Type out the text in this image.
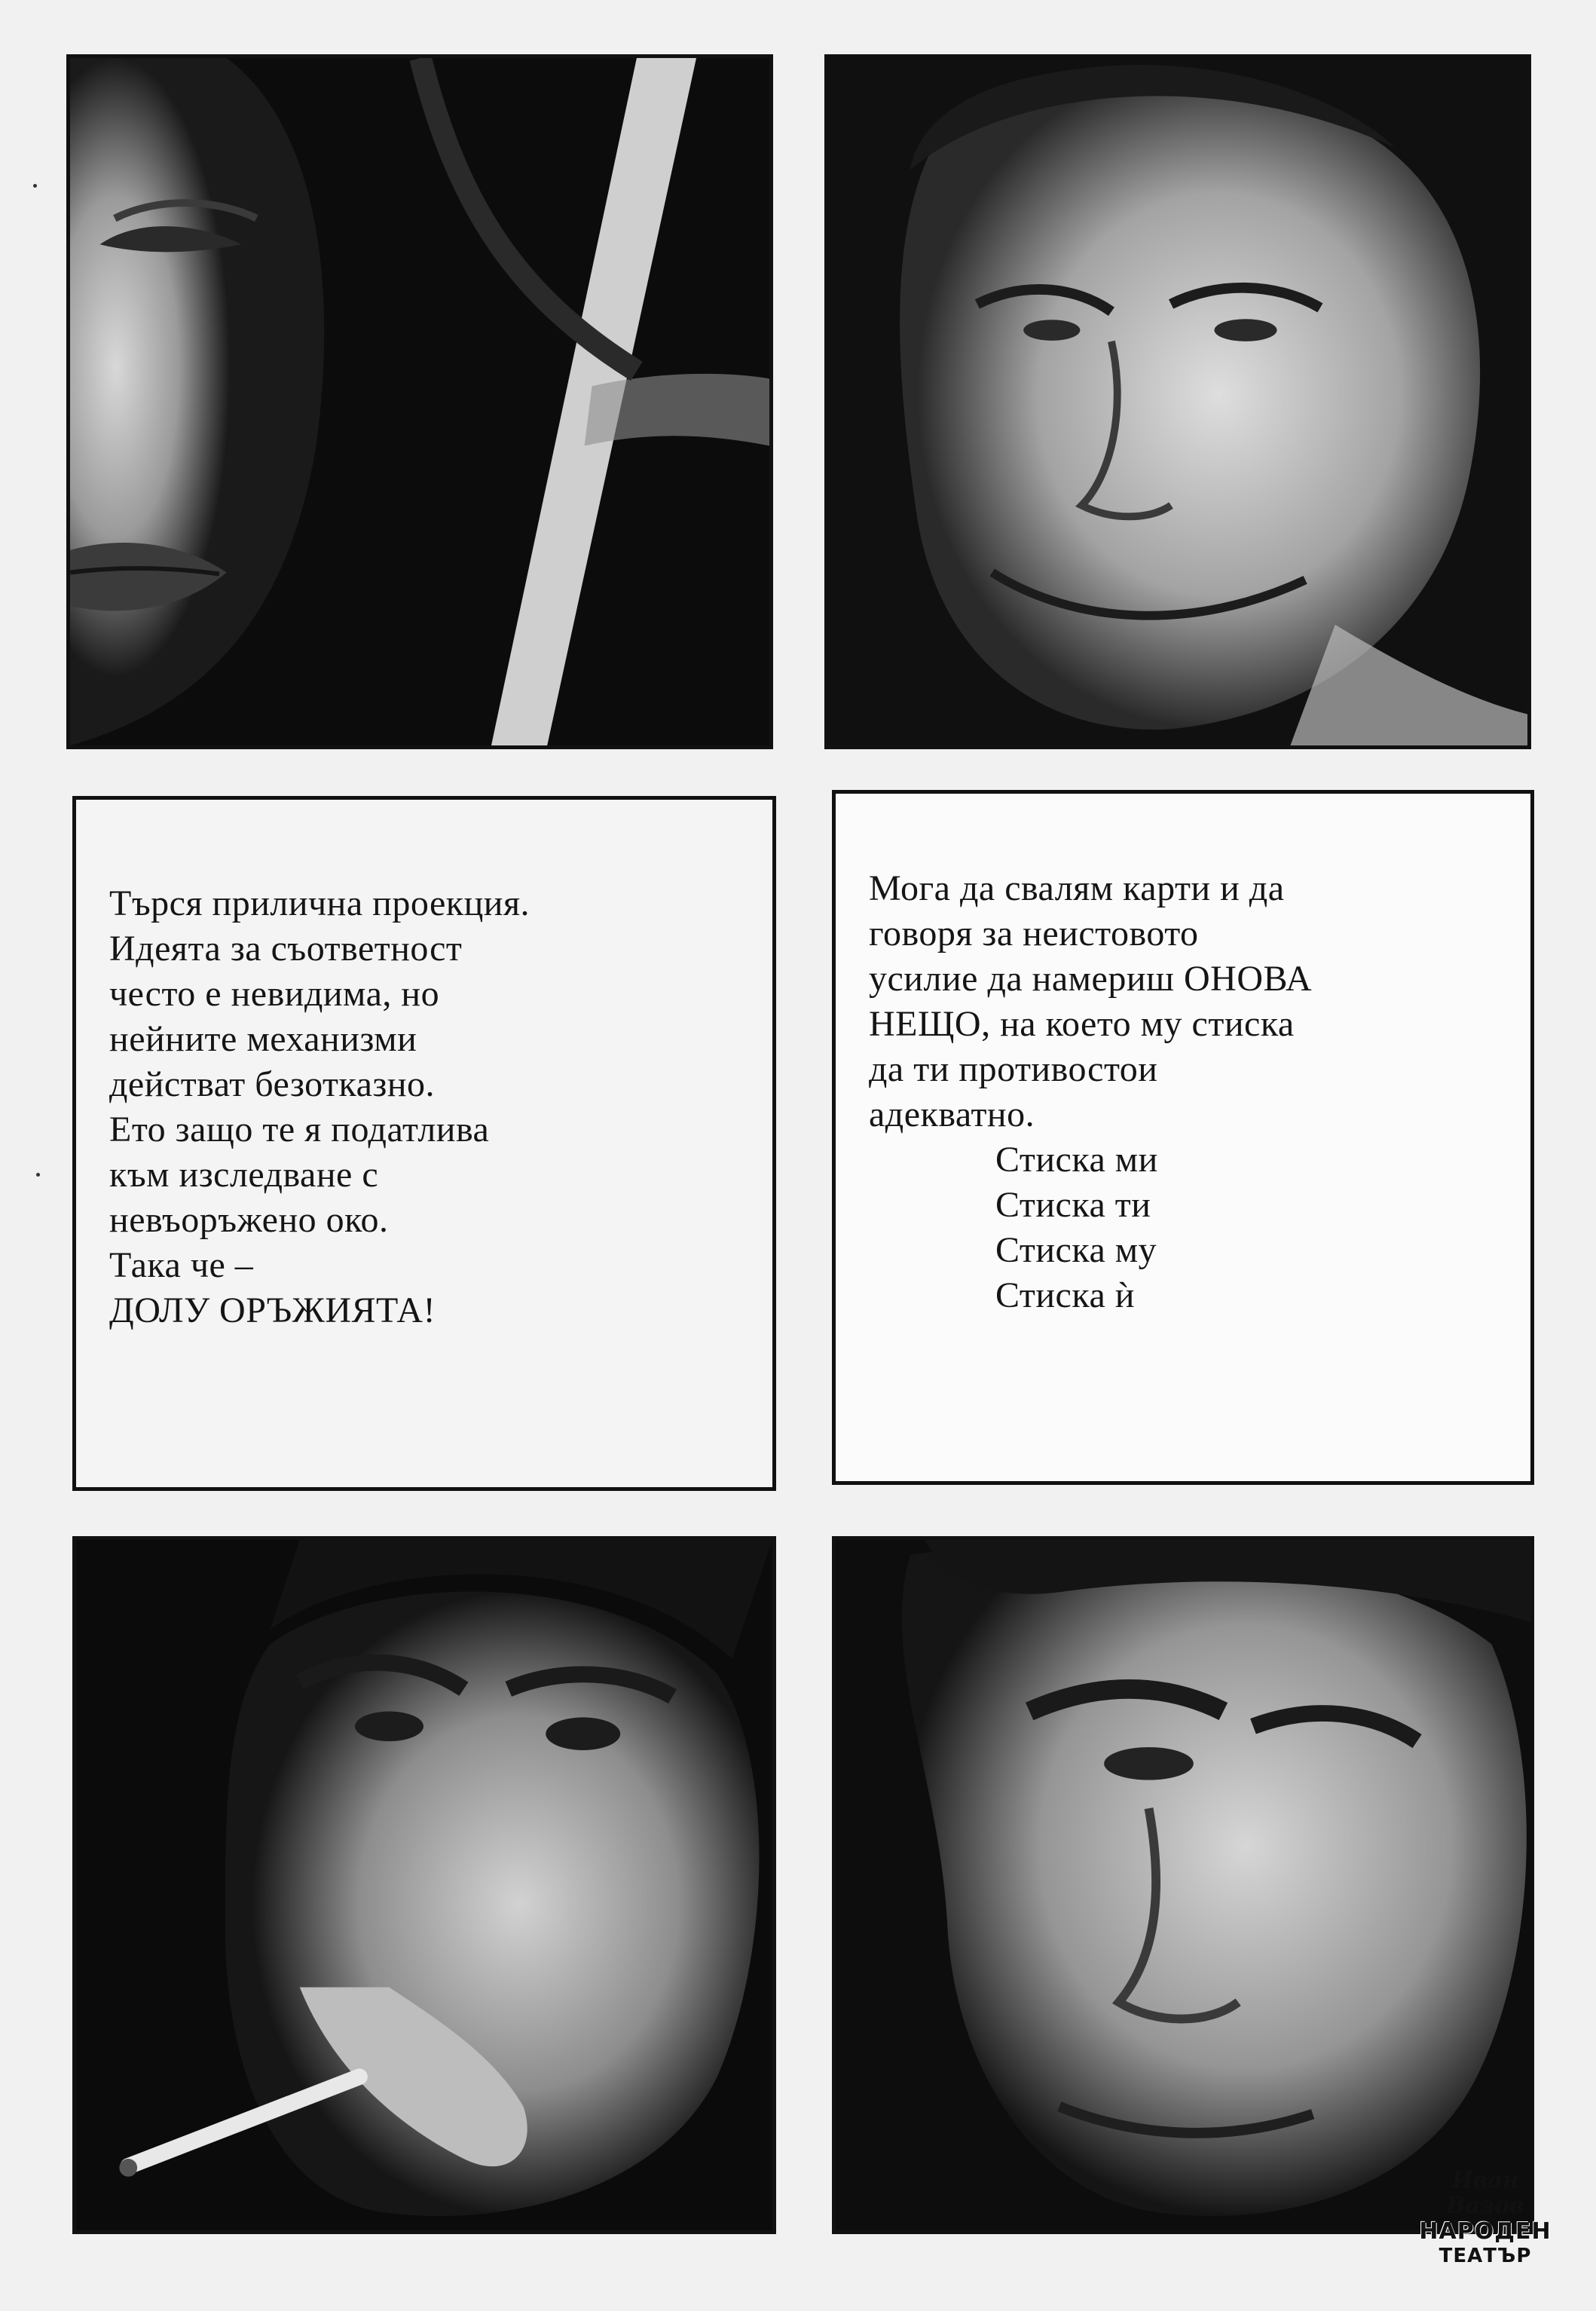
Търся прилична проекция.
Идеята за съответност
често е невидима, но
нейните механизми
действат безотказно.
Ето защо те я податлива
към изследване с
невъоръжено око.
Така че –
ДОЛУ ОРЪЖИЯТА!
Мога да свалям карти и да
говоря за неистовото
усилие да намериш ОНОВА
НЕЩО, на което му стиска
да ти противостои
адекватно.
Стиска ми
Стиска ти
Стиска му
Стиска ѝ
Иван Вазов
НАРОДЕН
ТЕАТЪР
